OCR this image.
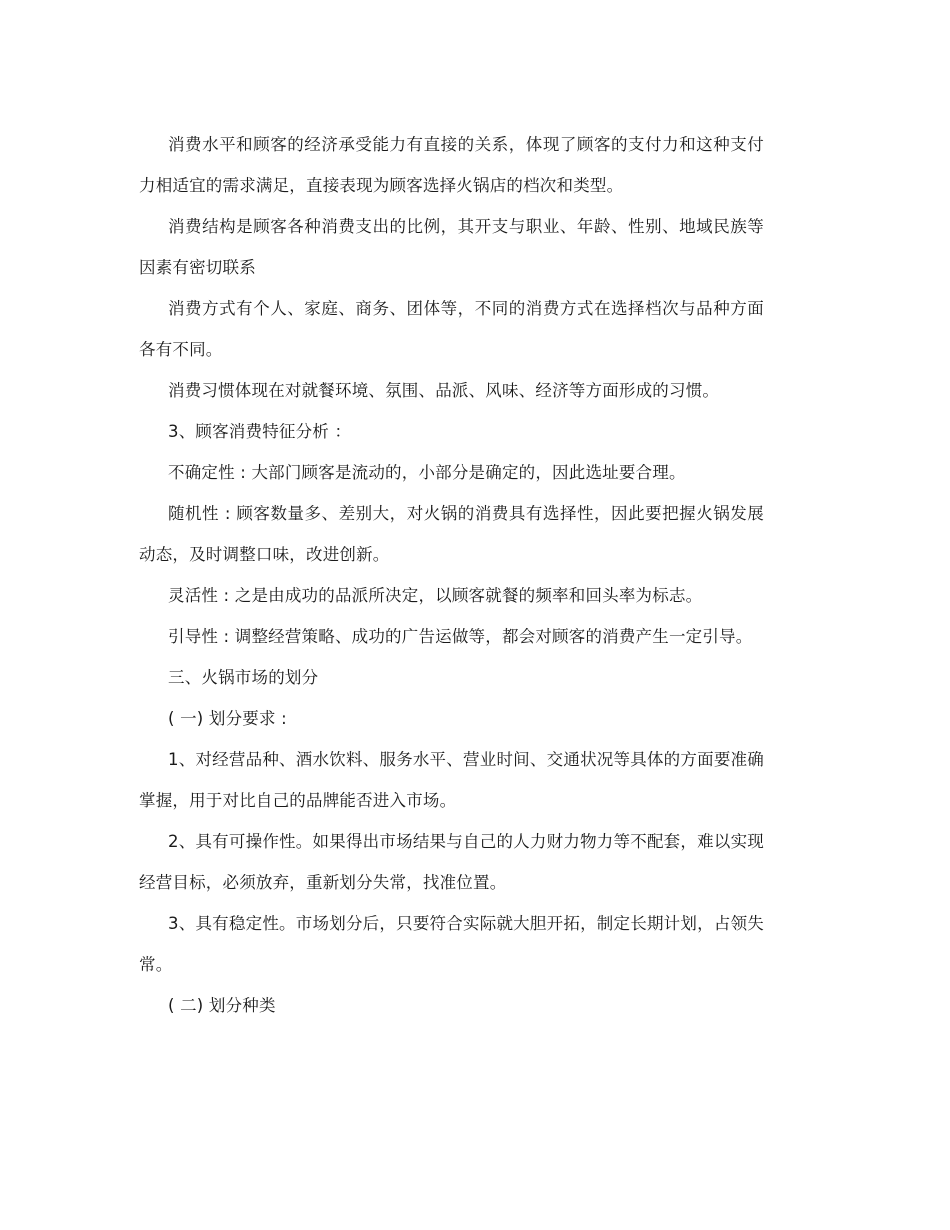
消费水平和顾客的经济承受能力有直接的关系，体现了顾客的支付力和这种支付力相适宜的需求满足，直接表现为顾客选择火锅店的档次和类型。

消费结构是顾客各种消费支出的比例，其开支与职业、年龄、性别、地域民族等因素有密切联系

消费方式有个人、家庭、商务、团体等，不同的消费方式在选择档次与品种方面各有不同。

消费习惯体现在对就餐环境、氛围、品派、风味、经济等方面形成的习惯。

3、顾客消费特征分析 ：

不确定性 : 大部门顾客是流动的，小部分是确定的，因此选址要合理。

随机性 : 顾客数量多、差别大，对火锅的消费具有选择性，因此要把握火锅发展动态，及时调整口味，改进创新。

灵活性 : 之是由成功的品派所决定，以顾客就餐的频率和回头率为标志。

引导性 : 调整经营策略、成功的广告运做等，都会对顾客的消费产生一定引导。

三、火锅市场的划分

( 一) 划分要求 :

1、对经营品种、酒水饮料、服务水平、营业时间、交通状况等具体的方面要准确掌握，用于对比自己的品牌能否进入市场。

2、具有可操作性。如果得出市场结果与自己的人力财力物力等不配套，难以实现经营目标，必须放弃，重新划分失常，找准位置。

3、具有稳定性。市场划分后，只要符合实际就大胆开拓，制定长期计划，占领失常。

( 二) 划分种类
